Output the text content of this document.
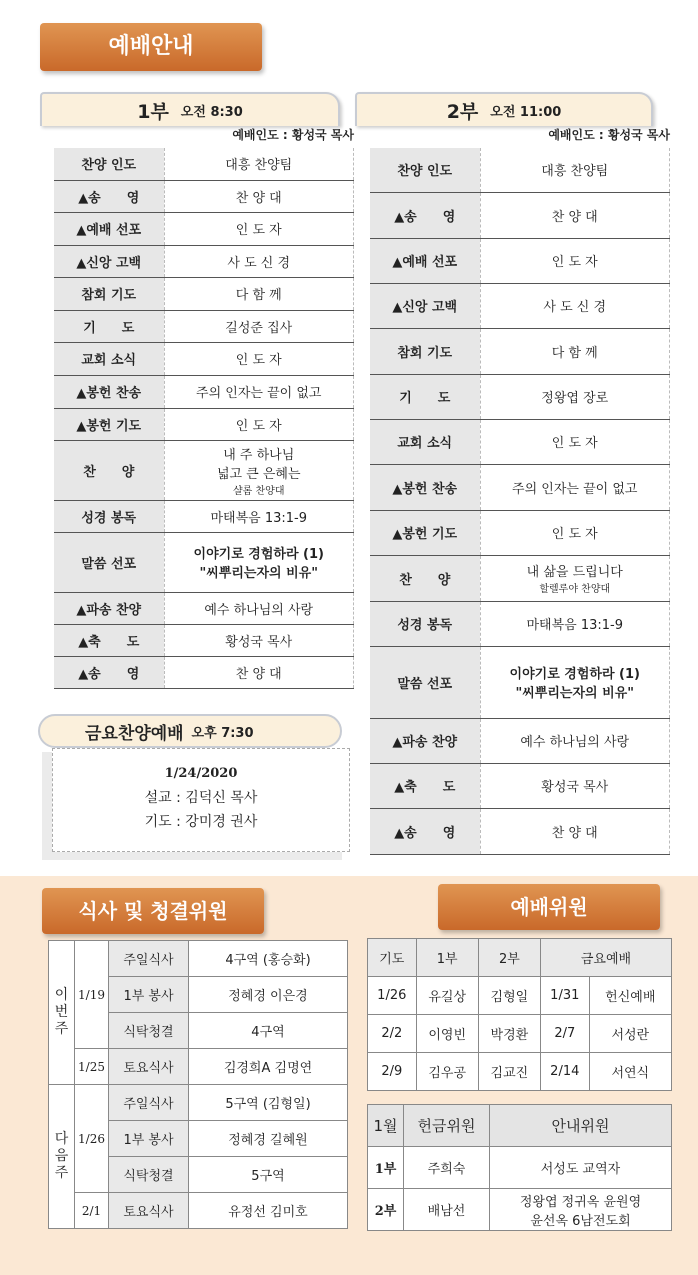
예배안내
1부 오전 8:30
예배인도 : 황성국 목사
찬양 인도	대흥 찬양팀

▲송　　영	찬 양 대

▲예배 선포	인 도 자

▲신앙 고백	사 도 신 경

참회 기도	다 함 께

기　　도	길성준 집사

교회 소식	인 도 자

▲봉헌 찬송	주의 인자는 끝이 없고

▲봉헌 기도	인 도 자

찬　　양	내 주 하나님
넓고 큰 은혜는
샬롬 찬양대

성경 봉독	마태복음 13:1-9

말씀 선포	이야기로 경험하라 (1)
"씨뿌리는자의 비유"

▲파송 찬양	예수 하나님의 사랑

▲축　　도	황성국 목사

▲송　　영	찬 양 대
2부 오전 11:00
예배인도 : 황성국 목사
찬양 인도	대흥 찬양팀

▲송　　영	찬 양 대

▲예배 선포	인 도 자

▲신앙 고백	사 도 신 경

참회 기도	다 함 께

기　　도	정왕엽 장로

교회 소식	인 도 자

▲봉헌 찬송	주의 인자는 끝이 없고

▲봉헌 기도	인 도 자

찬　　양	내 삶을 드립니다
할렐루야 찬양대

성경 봉독	마태복음 13:1-9

말씀 선포	이야기로 경험하라 (1)
"씨뿌리는자의 비유"

▲파송 찬양	예수 하나님의 사랑

▲축　　도	황성국 목사

▲송　　영	찬 양 대
금요찬양예배 오후 7:30
1/24/2020
설교 : 김덕신 목사
기도 : 강미경 권사
식사 및 청결위원	예배위원
이
번
주	1/19	주일식사	4구역 (홍승화)
		1부 봉사	정혜경 이은경
		식탁청결	4구역
	1/25	토요식사	김경희A 김명연

다
음
주	1/26	주일식사	5구역 (김형일)
		1부 봉사	정혜경 길혜원
		식탁청결	5구역
	2/1	토요식사	유정선 김미호
기도	1부	2부	금요예배	
1/26	유길상	김형일	1/31	헌신예배
2/2	이영빈	박경환	2/7	서성란
2/9	김우공	김교진	2/14	서연식
1월	헌금위원	안내위원
1부	주희숙	서성도 교역자

2부	배남선	정왕엽 정귀옥 윤원영
윤선옥 6남전도회
